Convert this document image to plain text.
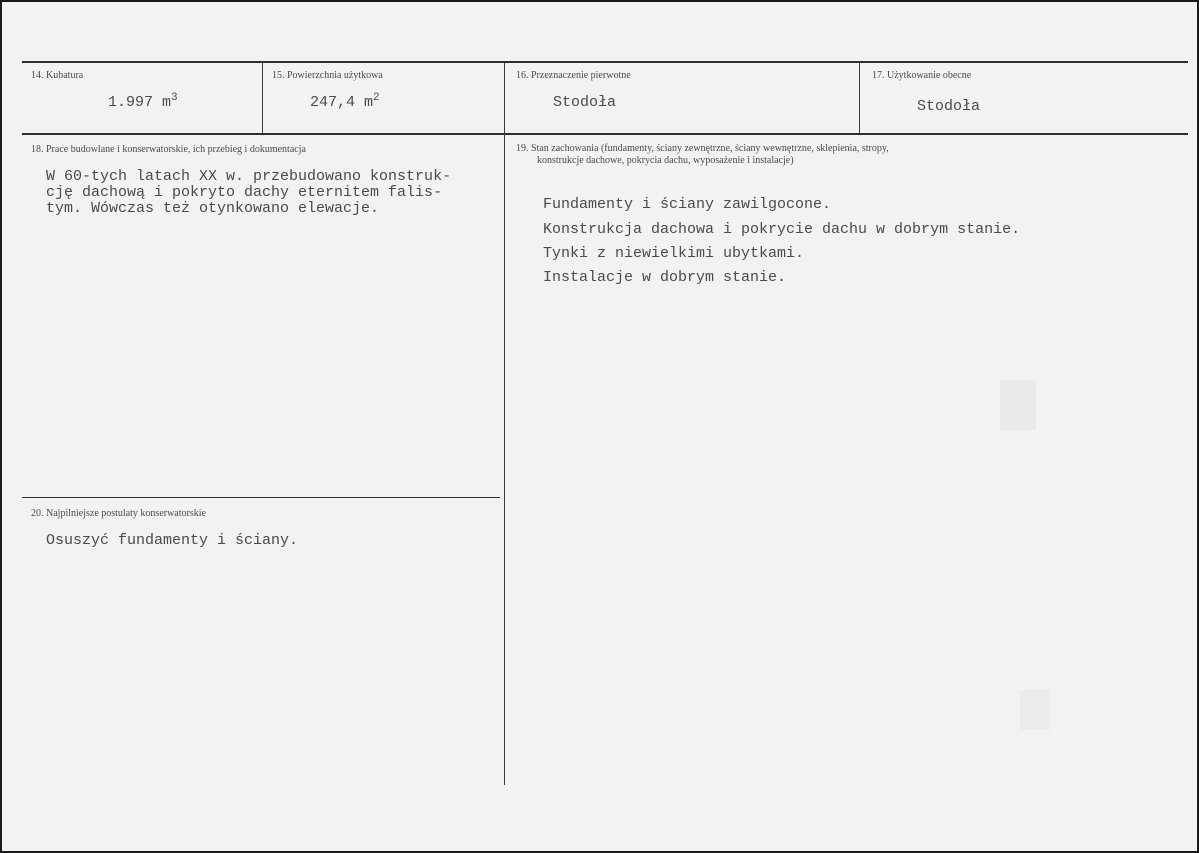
14. Kubatura
1.997 $m^3$
15. Powierzchnia użytkowa
247,4 $m^2$
16. Przeznaczenie pierwotne
Stodoła
17. Użytkowanie obecne
Stodoła
18. Prace budowlane i konserwatorskie, ich przebieg i dokumentacja
W 60-tych latach XX w. przebudowano konstruk-
cję dachową i pokryto dachy eternitem falis-
tym. Wówczas też otynkowano elewacje.
19. Stan zachowania (fundamenty, ściany zewnętrzne, ściany wewnętrzne, sklepienia, stropy,
konstrukcje dachowe, pokrycia dachu, wyposażenie i instalacje)
Fundamenty i ściany zawilgocone.
Konstrukcja dachowa i pokrycie dachu w dobrym stanie.
Tynki z niewielkimi ubytkami.
Instalacje w dobrym stanie.
20. Najpilniejsze postulaty konserwatorskie
Osuszyć fundamenty i ściany.
